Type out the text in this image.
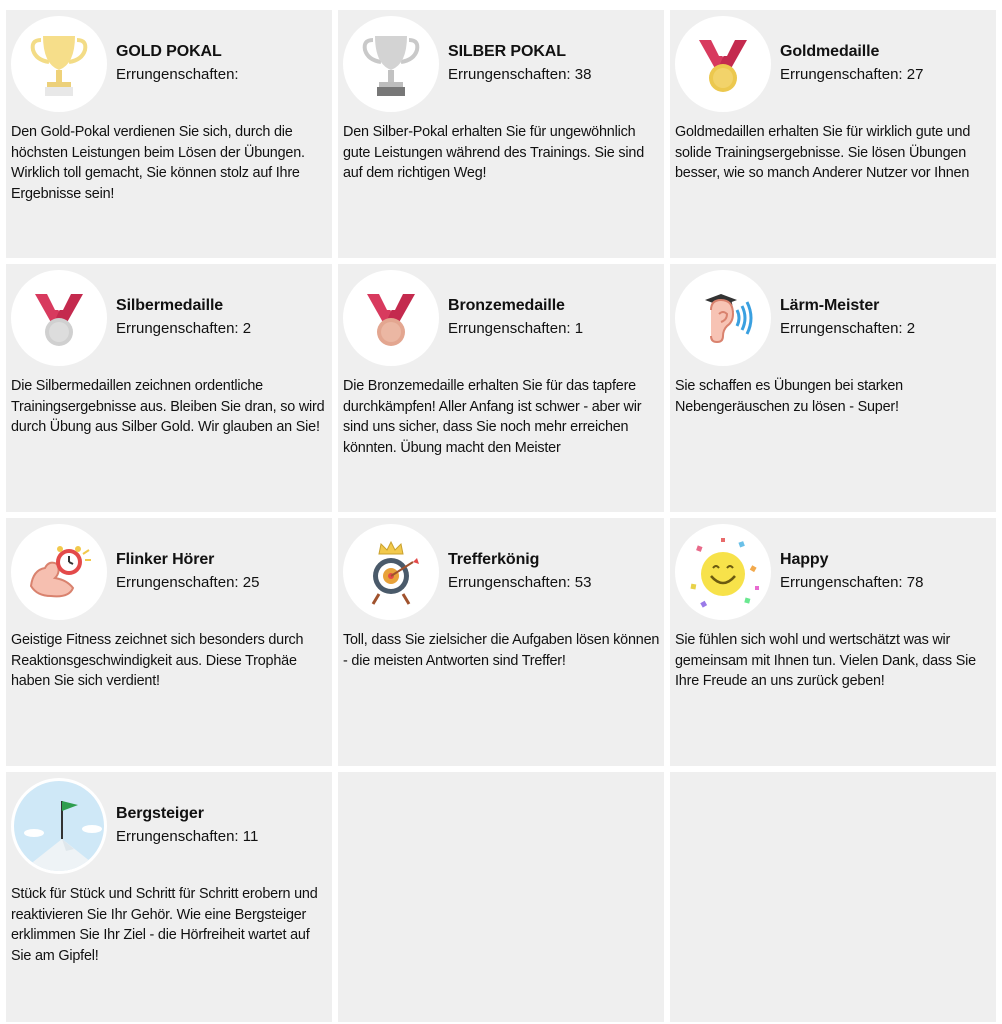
GOLD POKAL
Errungenschaften:
Den Gold-Pokal verdienen Sie sich, durch die höchsten Leistungen beim Lösen der Übungen. Wirklich toll gemacht, Sie können stolz auf Ihre Ergebnisse sein!
SILBER POKAL
Errungenschaften: 38
Den Silber-Pokal erhalten Sie für ungewöhnlich gute Leistungen während des Trainings. Sie sind auf dem richtigen Weg!
Goldmedaille
Errungenschaften: 27
Goldmedaillen erhalten Sie für wirklich gute und solide Trainingsergebnisse. Sie lösen Übungen besser, wie so manch Anderer Nutzer vor Ihnen
Silbermedaille
Errungenschaften: 2
Die Silbermedaillen zeichnen ordentliche Trainingsergebnisse aus. Bleiben Sie dran, so wird durch Übung aus Silber Gold. Wir glauben an Sie!
Bronzemedaille
Errungenschaften: 1
Die Bronzemedaille erhalten Sie für das tapfere durchkämpfen! Aller Anfang ist schwer - aber wir sind uns sicher, dass Sie noch mehr erreichen könnten. Übung macht den Meister
Lärm-Meister
Errungenschaften: 2
Sie schaffen es Übungen bei starken Nebengeräuschen zu lösen - Super!
Flinker Hörer
Errungenschaften: 25
Geistige Fitness zeichnet sich besonders durch Reaktionsgeschwindigkeit aus. Diese Trophäe haben Sie sich verdient!
Trefferkönig
Errungenschaften: 53
Toll, dass Sie zielsicher die Aufgaben lösen können - die meisten Antworten sind Treffer!
Happy
Errungenschaften: 78
Sie fühlen sich wohl und wertschätzt was wir gemeinsam mit Ihnen tun. Vielen Dank, dass Sie Ihre Freude an uns zurück geben!
Bergsteiger
Errungenschaften: 11
Stück für Stück und Schritt für Schritt erobern und reaktivieren Sie Ihr Gehör. Wie eine Bergsteiger erklimmen Sie Ihr Ziel - die Hörfreiheit wartet auf Sie am Gipfel!
